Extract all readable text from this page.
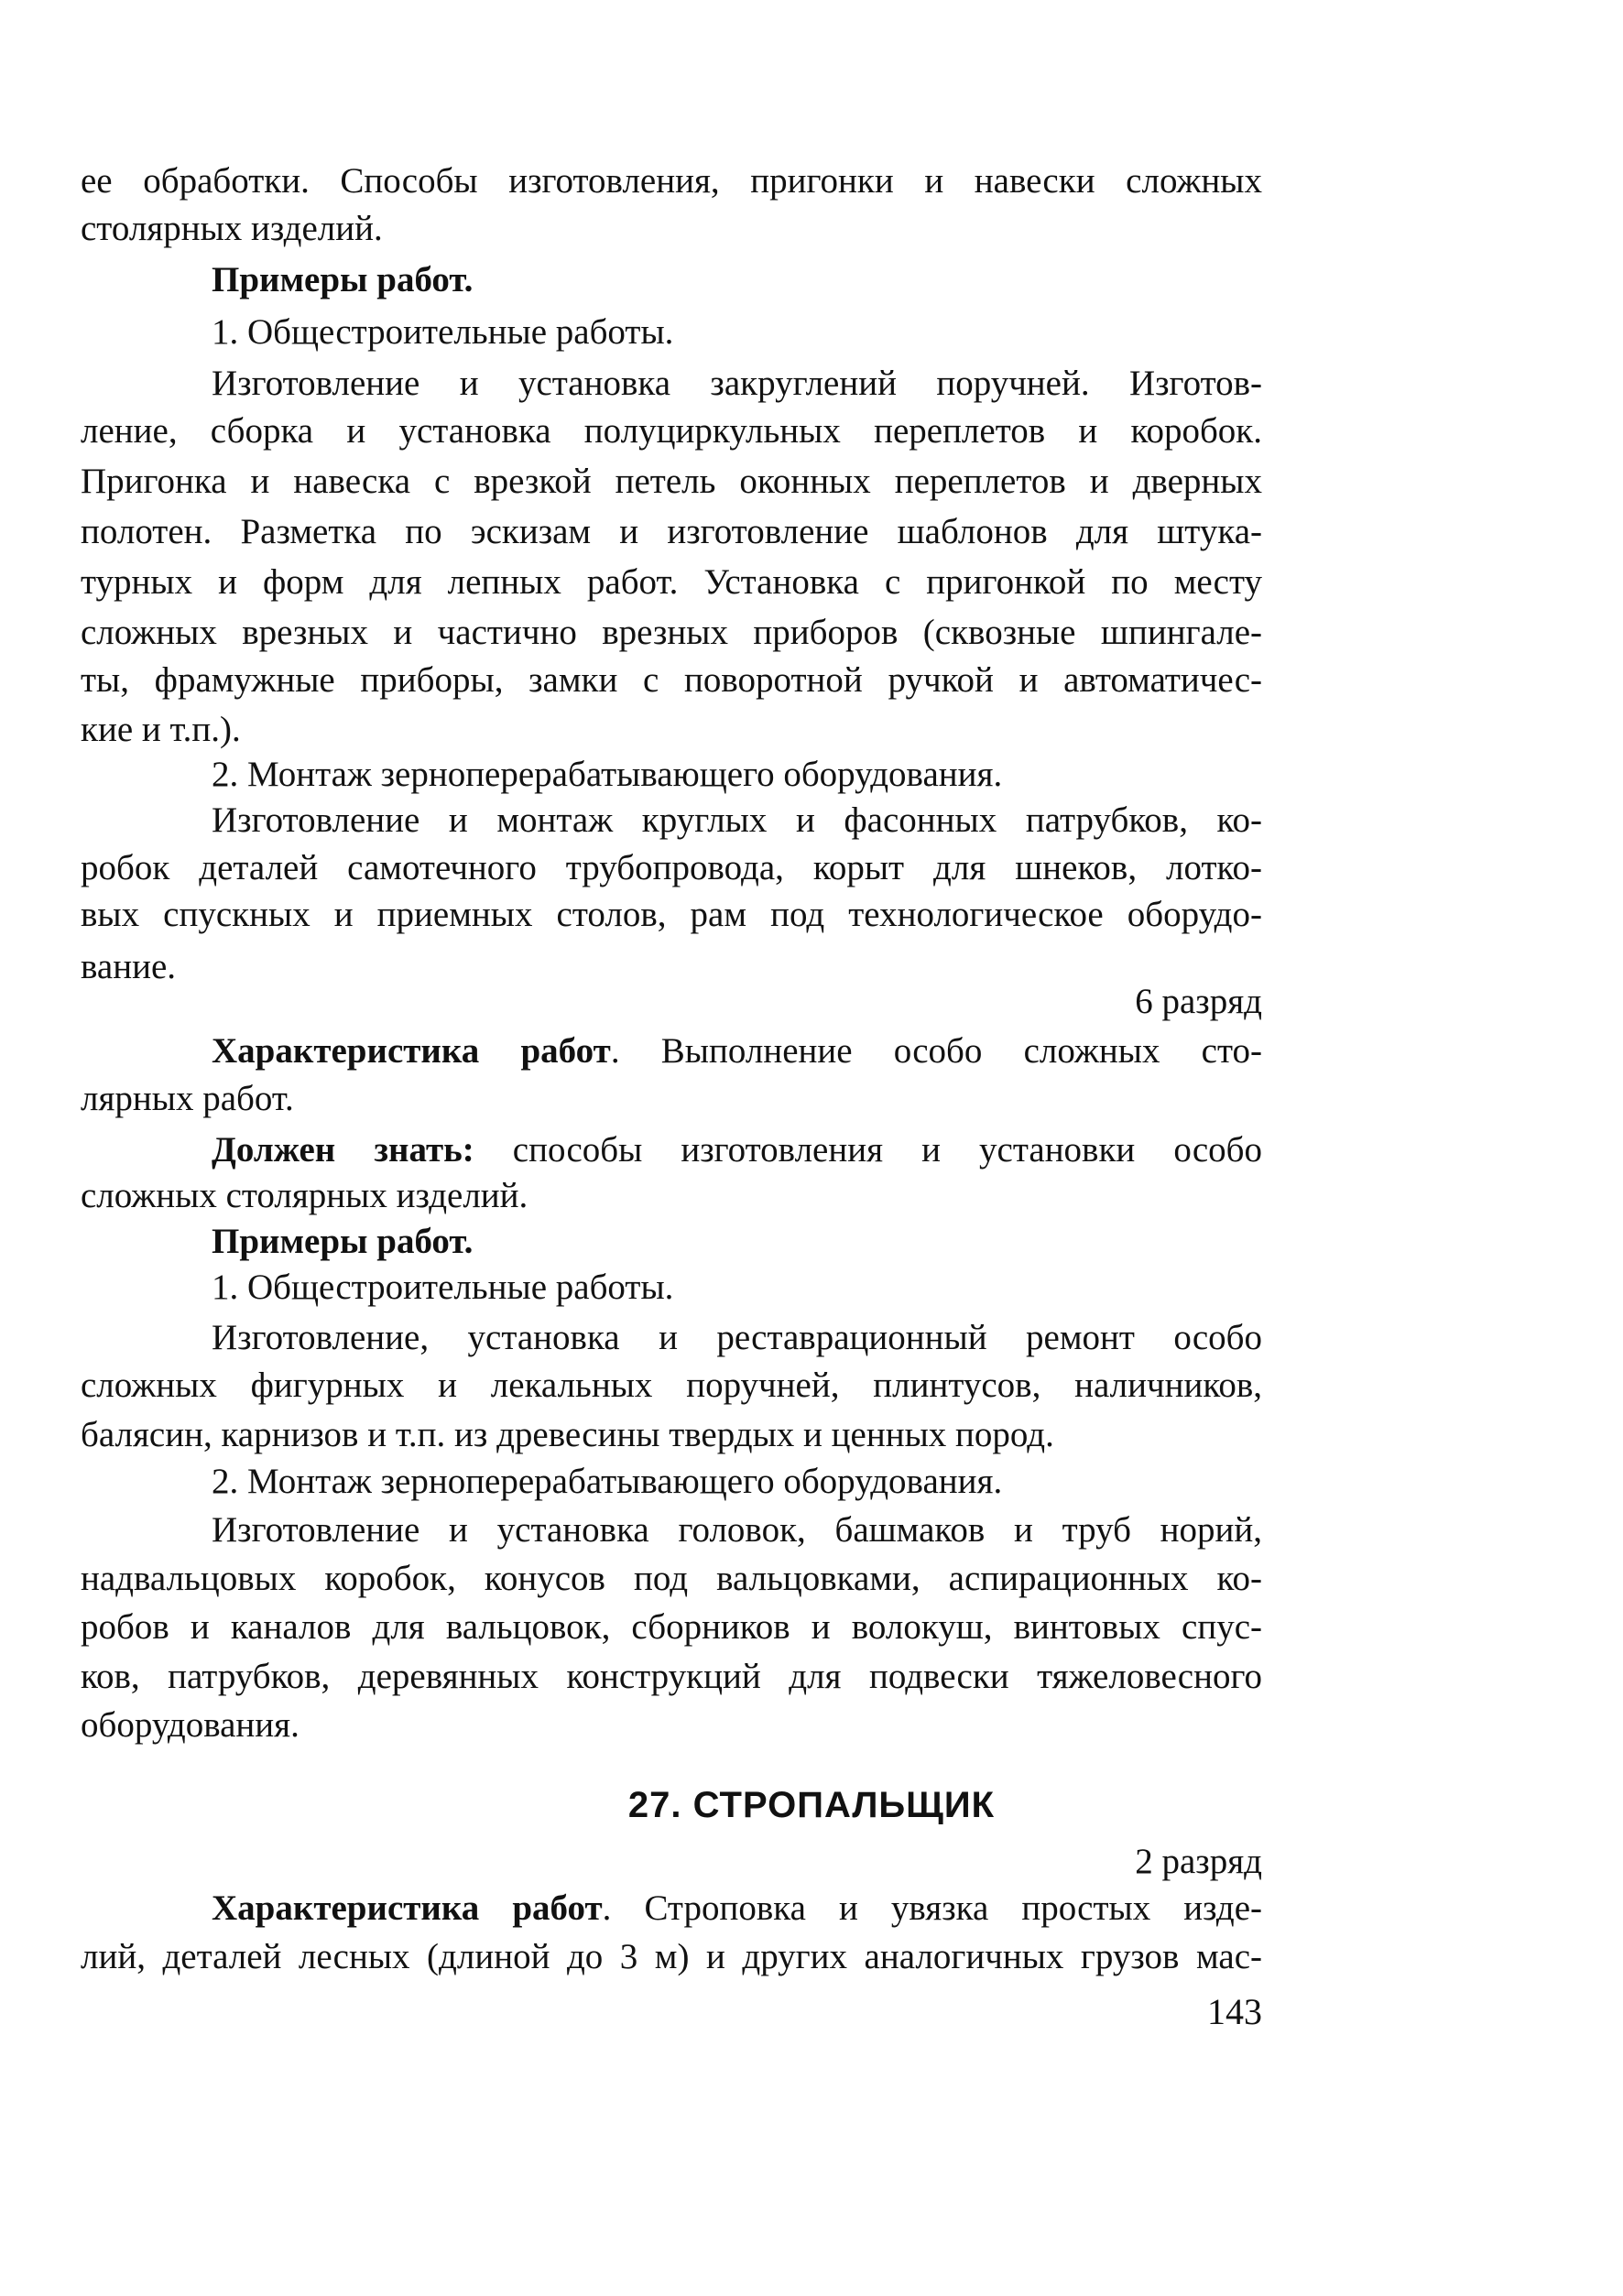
ее обработки. Способы изготовления, пригонки и навески сложных
столярных изделий.
Примеры работ.
1. Общестроительные работы.
Изготовление и установка закруглений поручней. Изготов-
ление, сборка и установка полуциркульных переплетов и коробок.
Пригонка и навеска с врезкой петель оконных переплетов и дверных
полотен. Разметка по эскизам и изготовление шаблонов для штука-
турных и форм для лепных работ. Установка с пригонкой по месту
сложных врезных и частично врезных приборов (сквозные шпингале-
ты, фрамужные приборы, замки с поворотной ручкой и автоматичес-
кие и т.п.).
2. Монтаж зерноперерабатывающего оборудования.
Изготовление и монтаж круглых и фасонных патрубков, ко-
робок деталей самотечного трубопровода, корыт для шнеков, лотко-
вых спускных и приемных столов, рам под технологическое оборудо-
вание.
6 разряд
Характеристика работ. Выполнение особо сложных сто-
лярных работ.
Должен знать: способы изготовления и установки особо
сложных столярных изделий.
Примеры работ.
1. Общестроительные работы.
Изготовление, установка и реставрационный ремонт особо
сложных фигурных и лекальных поручней, плинтусов, наличников,
балясин, карнизов и т.п. из древесины твердых и ценных пород.
2. Монтаж зерноперерабатывающего оборудования.
Изготовление и установка головок, башмаков и труб норий,
надвальцовых коробок, конусов под вальцовками, аспирационных ко-
робов и каналов для вальцовок, сборников и волокуш, винтовых спус-
ков, патрубков, деревянных конструкций для подвески тяжеловесного
оборудования.
27. СТРОПАЛЬЩИК
2 разряд
Характеристика работ. Строповка и увязка простых изде-
лий, деталей лесных (длиной до 3 м) и других аналогичных грузов мас-
143
